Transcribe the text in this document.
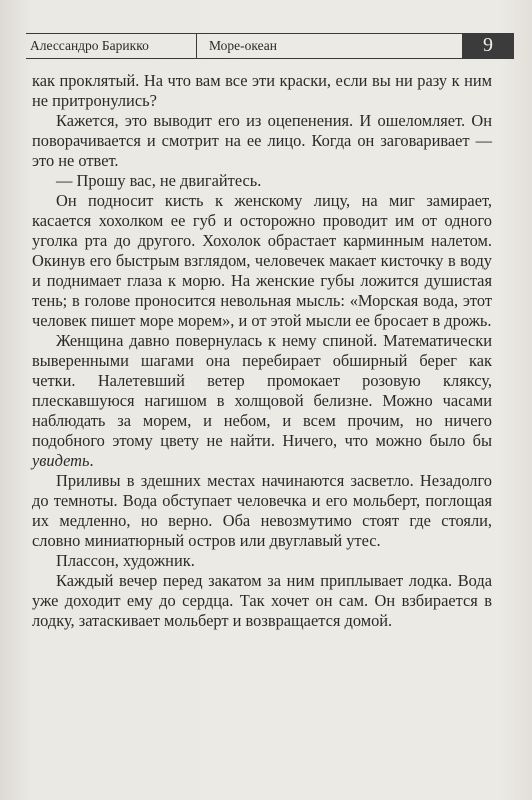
Алессандро Барикко	Море-океан	9

как проклятый. На что вам все эти краски, если вы ни разу к ним не притронулись?

Кажется, это выводит его из оцепенения. И ошеломляет. Он поворачивается и смотрит на ее лицо. Когда он заговаривает — это не ответ.

— Прошу вас, не двигайтесь.

Он подносит кисть к женскому лицу, на миг замирает, касается хохолком ее губ и осторожно проводит им от одного уголка рта до другого. Хохолок обрастает карминным налетом. Окинув его быстрым взглядом, человечек макает кисточку в воду и поднимает глаза к морю. На женские губы ложится душистая тень; в голове проносится невольная мысль: «Морская вода, этот человек пишет море морем», и от этой мысли ее бросает в дрожь.

Женщина давно повернулась к нему спиной. Математически выверенными шагами она перебирает обширный берег как четки. Налетевший ветер промокает розовую кляксу, плескавшуюся нагишом в холщовой белизне. Можно часами наблюдать за морем, и небом, и всем прочим, но ничего подобного этому цвету не найти. Ничего, что можно было бы увидеть.

Приливы в здешних местах начинаются засветло. Незадолго до темноты. Вода обступает человечка и его мольберт, поглощая их медленно, но верно. Оба невозмутимо стоят где стояли, словно миниатюрный остров или двуглавый утес.

Плассон, художник.

Каждый вечер перед закатом за ним приплывает лодка. Вода уже доходит ему до сердца. Так хочет он сам. Он взбирается в лодку, затаскивает мольберт и возвращается домой.
